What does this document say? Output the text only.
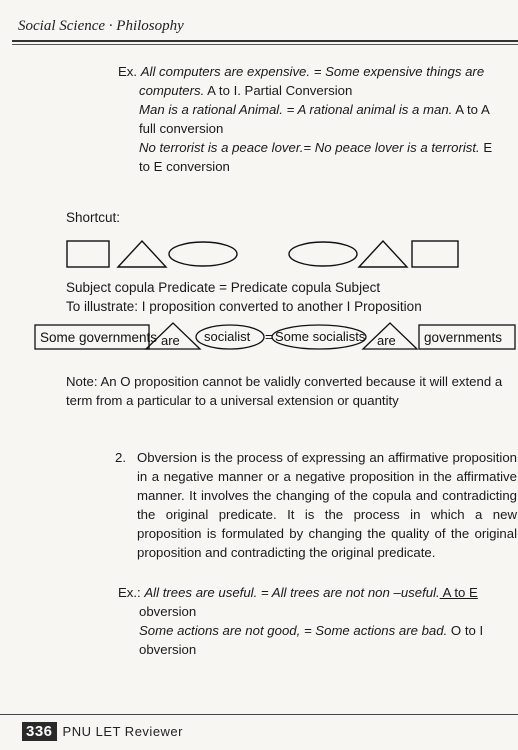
Social Science · Philosophy
Ex. All computers are expensive. = Some expensive things are
computers. A to I. Partial Conversion
Man is a rational Animal. = A rational animal is a man. A to A
full conversion
No terrorist is a peace lover.= No peace lover is a terrorist. E
to E conversion
Shortcut:
Subject copula Predicate = Predicate copula Subject
To illustrate: I proposition converted to another I Proposition
Some governments are socialist = Some socialists are governments
Note: An O proposition cannot be validly converted because it will extend a term from a particular to a universal extension or quantity
2. Obversion is the process of expressing an affirmative proposition in a negative manner or a negative proposition in the affirmative manner. It involves the changing of the copula and contradicting the original predicate. It is the process in which a new proposition is formulated by changing the quality of the original proposition and contradicting the original predicate.
Ex.: All trees are useful. = All trees are not non –useful. A to E
obversion
Some actions are not good, = Some actions are bad. O to I
obversion
336 PNU LET Reviewer
